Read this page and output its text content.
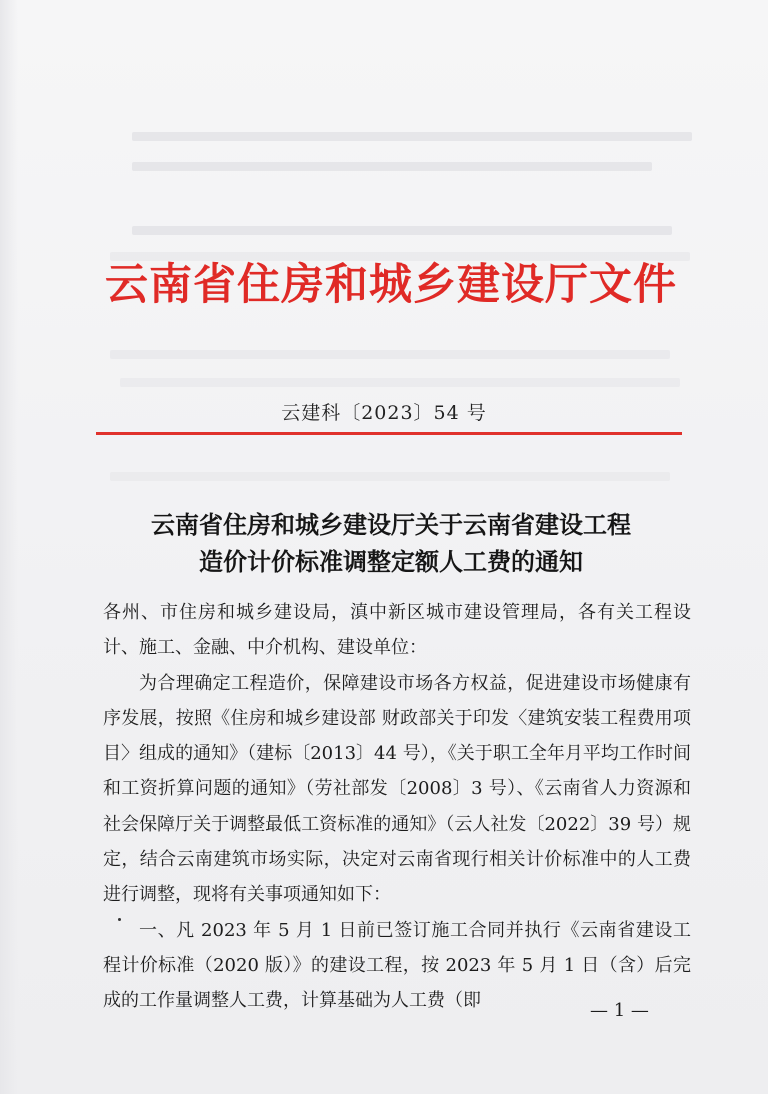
云南省住房和城乡建设厅文件
云建科〔2023〕54 号
云南省住房和城乡建设厅关于云南省建设工程
造价计价标准调整定额人工费的通知

各州、市住房和城乡建设局，滇中新区城市建设管理局，各有关工程设计、施工、金融、中介机构、建设单位：

为合理确定工程造价，保障建设市场各方权益，促进建设市场健康有序发展，按照《住房和城乡建设部 财政部关于印发〈建筑安装工程费用项目〉组成的通知》（建标〔2013〕44 号），《关于职工全年月平均工作时间和工资折算问题的通知》（劳社部发〔2008〕3 号）、《云南省人力资源和社会保障厅关于调整最低工资标准的通知》（云人社发〔2022〕39 号）规定，结合云南建筑市场实际，决定对云南省现行相关计价标准中的人工费进行调整，现将有关事项通知如下：

一、凡 2023 年 5 月 1 日前已签订施工合同并执行《云南省建设工程计价标准（2020 版）》的建设工程，按 2023 年 5 月 1 日（含）后完成的工作量调整人工费，计算基础为人工费（即	— 1 —
